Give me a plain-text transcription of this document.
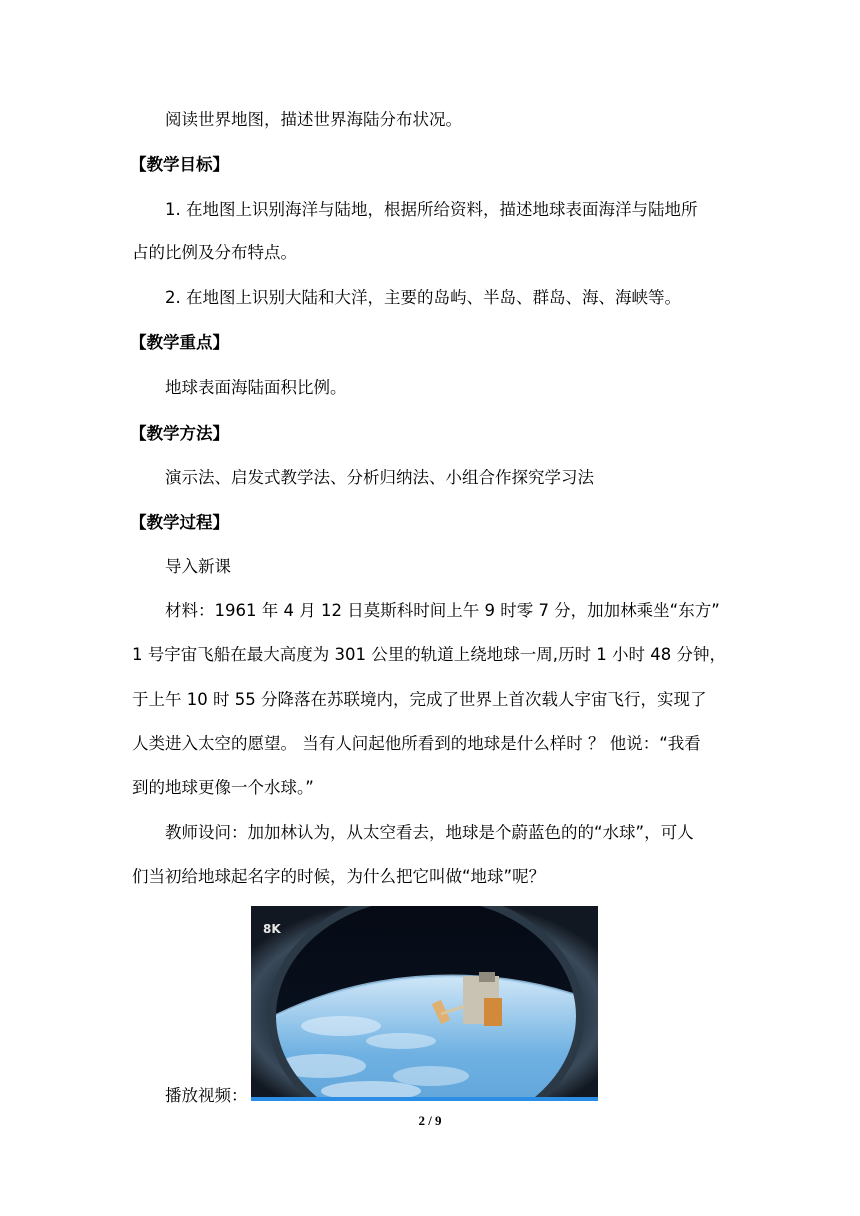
阅读世界地图，描述世界海陆分布状况。
【教学目标】
1. 在地图上识别海洋与陆地，根据所给资料，描述地球表面海洋与陆地所
占的比例及分布特点。
2. 在地图上识别大陆和大洋，主要的岛屿、半岛、群岛、海、海峡等。
【教学重点】
地球表面海陆面积比例。
【教学方法】
演示法、启发式教学法、分析归纳法、小组合作探究学习法
【教学过程】
导入新课
材料：1961 年 4 月 12 日莫斯科时间上午 9 时零 7 分，加加林乘坐“东方”
1 号宇宙飞船在最大高度为 301 公里的轨道上绕地球一周,历时 1 小时 48 分钟，
于上午 10 时 55 分降落在苏联境内，完成了世界上首次载人宇宙飞行，实现了
人类进入太空的愿望。 当有人问起他所看到的地球是什么样时 ？ 他说：“我看
到的地球更像一个水球。”
教师设问：加加林认为，从太空看去，地球是个蔚蓝色的的“水球”，可人
们当初给地球起名字的时候，为什么把它叫做“地球”呢？
播放视频：
8K
2 / 9
